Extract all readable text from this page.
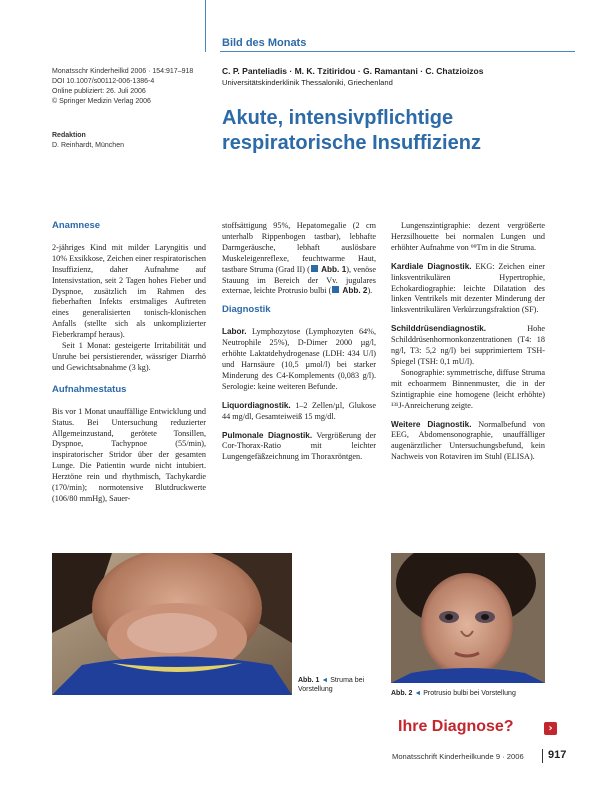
Bild des Monats
Monatsschr Kinderheilkd 2006 · 154:917–918
DOI 10.1007/s00112-006-1386-4
Online publiziert: 26. Juli 2006
© Springer Medizin Verlag 2006
Redaktion
D. Reinhardt, München
C. P. Panteliadis · M. K. Tzitiridou · G. Ramantani · C. Chatzioizos
Universitätskinderklinik Thessaloniki, Griechenland
Akute, intensivpflichtige
respiratorische Insuffizienz
Anamnese

2-jähriges Kind mit milder Laryngitis und 10% Exsikkose, Zeichen einer respiratorischen Insuffizienz, daher Aufnahme auf Intensivstation, seit 2 Tagen hohes Fieber und Dyspnoe, zusätzlich im Rahmen des fieberhaften Infekts erstmaliges Auftreten eines generalisierten tonisch-klonischen Anfalls (stellte sich als unkomplizierter Fieberkrampf heraus).

Seit 1 Monat: gesteigerte Irritabilität und Unruhe bei persistierender, wässriger Diarrhö und Gewichtsabnahme (3 kg).

Aufnahmestatus

Bis vor 1 Monat unauffällige Entwicklung und Status. Bei Untersuchung reduzierter Allgemeinzustand, gerötete Tonsillen, Dyspnoe, Tachypnoe (55/min), inspiratorischer Stridor über der gesamten Lunge. Die Patientin wurde nicht intubiert. Herztöne rein und rhythmisch, Tachykardie (170/min); normotensive Blutdruckwerte (106/80 mmHg), Sauer-

stoffsättigung 95%, Hepatomegalie (2 cm unterhalb Rippenbogen tastbar), lebhafte Darmgeräusche, lebhaft auslösbare Muskeleigenreflexe, feuchtwarme Haut, tastbare Struma (Grad II) ( Abb. 1), venöse Stauung im Bereich der Vv. jugulares externae, leichte Protrusio bulbi ( Abb. 2).

Diagnostik

Labor. Lymphozytose (Lymphozyten 64%, Neutrophile 25%), D-Dimer 2000 µg/l, erhöhte Laktatdehydrogenase (LDH: 434 U/l) und Harnsäure (10,5 µmol/l) bei starker Minderung des C4-Komplements (0,083 g/l). Serologie: keine weiteren Befunde.

Liquordiagnostik. 1–2 Zellen/µl, Glukose 44 mg/dl, Gesamteiweiß 15 mg/dl.

Pulmonale Diagnostik. Vergrößerung der Cor-Thorax-Ratio mit leichter Lungengefäßzeichnung im Thoraxröntgen.

Lungenszintigraphie: dezent vergrößerte Herzsilhouette bei normalen Lungen und erhöhter Aufnahme von ⁹⁹Tm in die Struma.

Kardiale Diagnostik. EKG: Zeichen einer linksventrikulären Hypertrophie, Echokardiographie: leichte Dilatation des linken Ventrikels mit dezenter Minderung der linksventrikulären Verkürzungsfraktion (SF).

Schilddrüsendiagnostik. Hohe Schilddrüsenhormonkonzentrationen (T4: 18 ng/l, T3: 5,2 ng/l) bei supprimiertem TSH-Spiegel (TSH: 0,1 mU/l).

Sonographie: symmetrische, diffuse Struma mit echoarmem Binnenmuster, die in der Szintigraphie eine homogene (leicht erhöhte) ¹³¹J-Anreicherung zeigte.

Weitere Diagnostik. Normalbefund von EEG, Abdomensonographie, unauffälliger augenärztlicher Untersuchungsbefund, kein Nachweis von Rotaviren im Stuhl (ELISA).

Abb. 1 ◄ Struma bei Vorstellung
Abb. 2 ◄ Protrusio bulbi bei Vorstellung
Ihre Diagnose?	›
Monatsschrift Kinderheilkunde 9 · 2006 917
